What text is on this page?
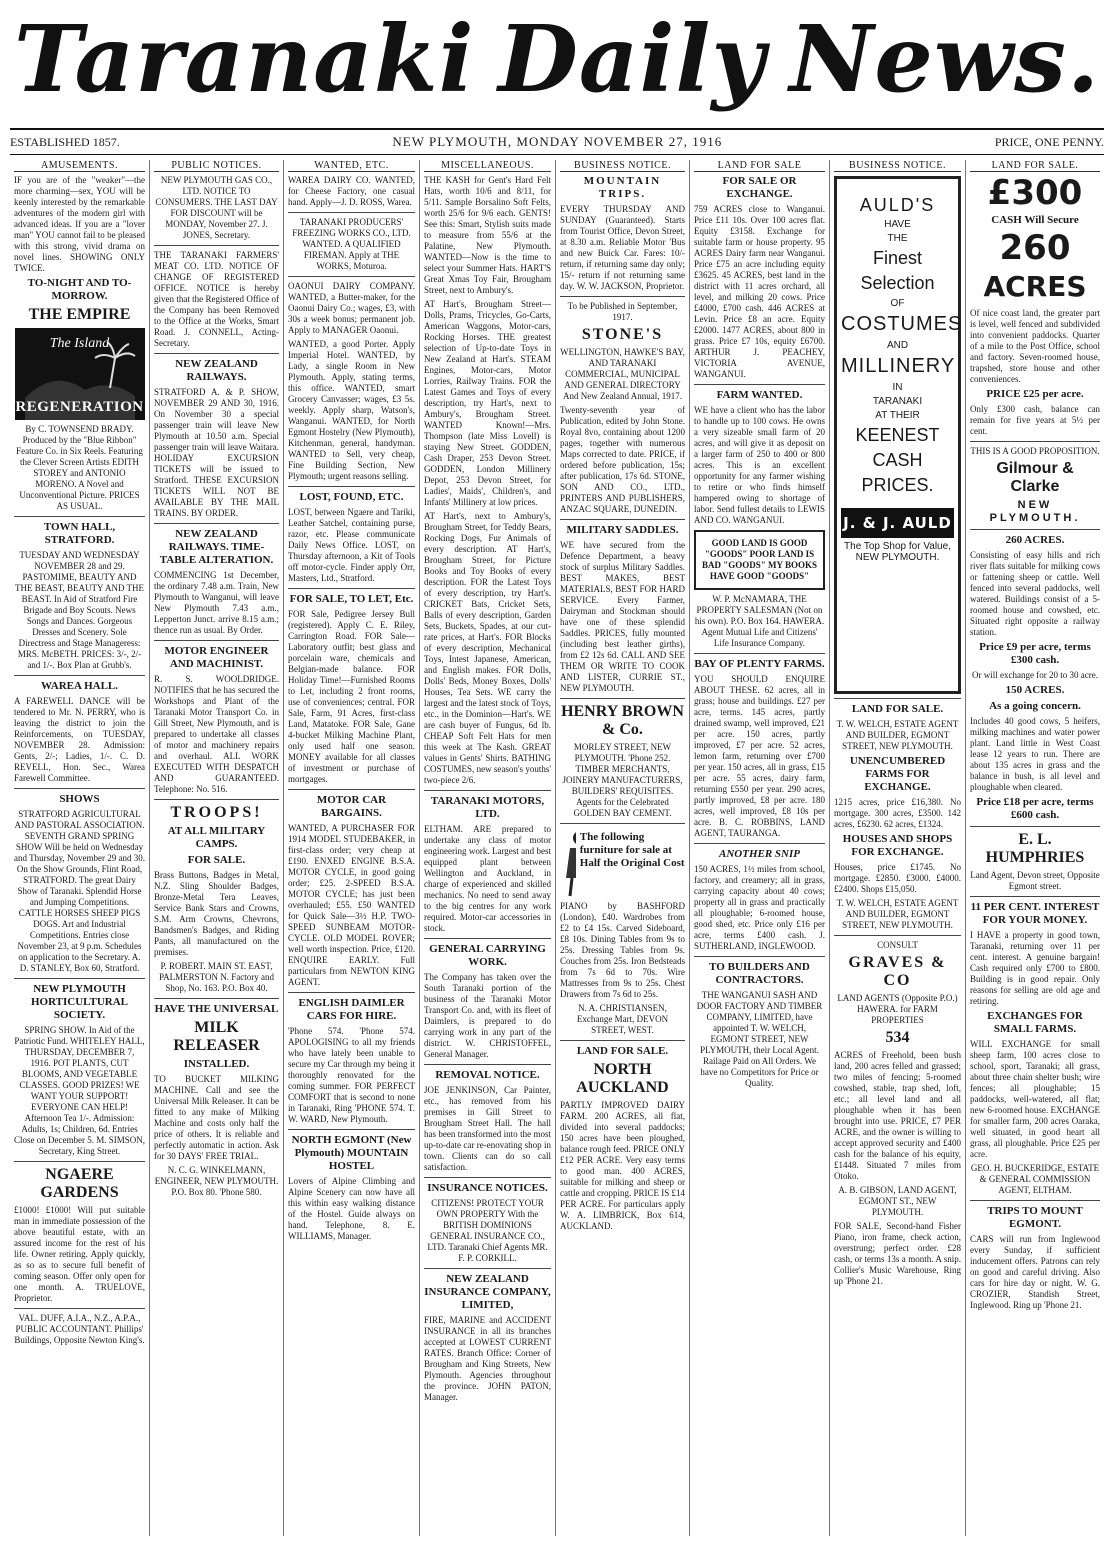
Taranaki Daily News.
ESTABLISHED 1857.	NEW PLYMOUTH, MONDAY NOVEMBER 27, 1916	PRICE, ONE PENNY.
AMUSEMENTS.
IF you are of the "weaker"—the more charming—sex, YOU will be keenly interested by the remarkable adventures of the modern girl with advanced ideas. If you are a "lover man" YOU cannot fail to be pleased with this strong, vivid drama on novel lines. SHOWING ONLY TWICE.
TO-NIGHT AND TO-MORROW.
THE EMPIRE
The Island
REGENERATION
By C. TOWNSEND BRADY. Produced by the "Blue Ribbon" Feature Co. in Six Reels. Featuring the Clever Screen Artists EDITH STOREY and ANTONIO MORENO. A Novel and Unconventional Picture. PRICES AS USUAL.
TOWN HALL, STRATFORD.
TUESDAY AND WEDNESDAY NOVEMBER 28 and 29. PASTOMIME, BEAUTY AND THE BEAST, BEAUTY AND THE BEAST. In Aid of Stratford Fire Brigade and Boy Scouts. News Songs and Dances. Gorgeous Dresses and Scenery. Sole Directress and Stage Manageress: MRS. McBETH. PRICES: 3/-, 2/- and 1/-. Box Plan at Grubb's.
WAREA HALL.
A FAREWELL DANCE will be tendered to Mr. N. PERRY, who is leaving the district to join the Reinforcements, on TUESDAY, NOVEMBER 28. Admission: Gents, 2/-; Ladies, 1/-. C. D. REVELL, Hon. Sec., Warea Farewell Committee.
SHOWS
STRATFORD AGRICULTURAL AND PASTORAL ASSOCIATION. SEVENTH GRAND SPRING SHOW Will be held on Wednesday and Thursday, November 29 and 30. On the Show Grounds, Flint Road, STRATFORD. The great Dairy Show of Taranaki. Splendid Horse and Jumping Competitions. CATTLE HORSES SHEEP PIGS DOGS. Art and Industrial Competitions. Entries close November 23, at 9 p.m. Schedules on application to the Secretary. A. D. STANLEY, Box 60, Stratford.
NEW PLYMOUTH HORTICULTURAL SOCIETY.
SPRING SHOW. In Aid of the Patriotic Fund. WHITELEY HALL, THURSDAY, DECEMBER 7, 1916. POT PLANTS, CUT BLOOMS, AND VEGETABLE CLASSES. GOOD PRIZES! WE WANT YOUR SUPPORT! EVERYONE CAN HELP! Afternoon Tea 1/-. Admission: Adults, 1s; Children, 6d. Entries Close on December 5. M. SIMSON, Secretary, King Street.
NGAERE GARDENS
£1000! £1000! Will put suitable man in immediate possession of the above beautiful estate, with an assured income for the rest of his life. Owner retiring. Apply quickly, as so as to secure full benefit of coming season. Offer only open for one month. A. TRUELOVE, Proprietor.
VAL. DUFF, A.I.A., N.Z., A.P.A., PUBLIC ACCOUNTANT. Phillips' Buildings, Opposite Newton King's.
PUBLIC NOTICES.
NEW PLYMOUTH GAS CO., LTD. NOTICE TO CONSUMERS. THE LAST DAY FOR DISCOUNT will be MONDAY, November 27. J. JONES, Secretary.
THE TARANAKI FARMERS' MEAT CO. LTD. NOTICE OF CHANGE OF REGISTERED OFFICE. NOTICE is hereby given that the Registered Office of the Company has been Removed to the Office at the Works, Smart Road. J. CONNELL, Acting-Secretary.
NEW ZEALAND RAILWAYS.
STRATFORD A. & P. SHOW, NOVEMBER 29 AND 30, 1916. On November 30 a special passenger train will leave New Plymouth at 10.50 a.m. Special passenger train will leave Waitara. HOLIDAY EXCURSION TICKETS will be issued to Stratford. THESE EXCURSION TICKETS WILL NOT BE AVAILABLE BY THE MAIL TRAINS. BY ORDER.
NEW ZEALAND RAILWAYS. TIME-TABLE ALTERATION.
COMMENCING 1st December, the ordinary 7.48 a.m. Train, New Plymouth to Wanganui, will leave New Plymouth 7.43 a.m., Lepperton Junct. arrive 8.15 a.m.; thence run as usual. By Order.
MOTOR ENGINEER AND MACHINIST.
R. S. WOOLDRIDGE. NOTIFIES that he has secured the Workshops and Plant of the Taranaki Motor Transport Co. in Gill Street, New Plymouth, and is prepared to undertake all classes of motor and machinery repairs and overhaul. ALL WORK EXECUTED WITH DESPATCH AND GUARANTEED. Telephone: No. 516.
TROOPS!
AT ALL MILITARY CAMPS.
FOR SALE.
Brass Buttons, Badges in Metal, N.Z. Sling Shoulder Badges, Bronze-Metal Tera Leaves, Service Bank Stars and Crowns, S.M. Arm Crowns, Chevrons, Bandsmen's Badges, and Riding Pants, all manufactured on the premises.
P. ROBERT. MAIN ST. EAST, PALMERSTON N. Factory and Shop, No. 163. P.O. Box 40.
HAVE THE UNIVERSAL
MILK RELEASER
INSTALLED.
TO BUCKET MILKING MACHINE. Call and see the Universal Milk Releaser. It can be fitted to any make of Milking Machine and costs only half the price of others. It is reliable and perfectly automatic in action. Ask for 30 DAYS' FREE TRIAL.
N. C. G. WINKELMANN, ENGINEER, NEW PLYMOUTH. P.O. Box 80. 'Phone 580.
WANTED, ETC.
WAREA DAIRY CO. WANTED, for Cheese Factory, one casual hand. Apply—J. D. ROSS, Warea.
TARANAKI PRODUCERS' FREEZING WORKS CO., LTD. WANTED. A QUALIFIED FIREMAN. Apply at THE WORKS, Moturoa.
OAONUI DAIRY COMPANY. WANTED, a Butter-maker, for the Oaonui Dairy Co.; wages, £3, with 30s a week bonus; permanent job. Apply to MANAGER Oaonui.
WANTED, a good Porter. Apply Imperial Hotel. WANTED, by Lady, a single Room in New Plymouth. Apply, stating terms, this office. WANTED, smart Grocery Canvasser; wages, £3 5s. weekly. Apply sharp, Watson's, Wanganui. WANTED, for North Egmont Hostelry (New Plymouth), Kitchenman, general, handyman. WANTED to Sell, very cheap, Fine Building Section, New Plymouth; urgent reasons selling.
LOST, FOUND, ETC.
LOST, between Ngaere and Tariki, Leather Satchel, containing purse, razor, etc. Please communicate Daily News Office. LOST, on Thursday afternoon, a Kit of Tools off motor-cycle. Finder apply Orr, Masters, Ltd., Stratford.
FOR SALE, TO LET, Etc.
FOR Sale, Pedigree Jersey Bull (registered). Apply C. E. Riley, Carrington Road. FOR Sale—Laboratory outfit; best glass and porcelain ware, chemicals and Belgian-made balance. FOR Holiday Time!—Furnished Rooms to Let, including 2 front rooms, use of conveniences; central. FOR Sale, Farm, 91 Acres, first-class Land, Matatoke. FOR Sale, Gane 4-bucket Milking Machine Plant, only used half one season. MONEY available for all classes of investment or purchase of mortgages.
MOTOR CAR BARGAINS.
WANTED, A PURCHASER FOR 1914 MODEL STUDEBAKER, in first-class order; very cheap at £190. ENXED ENGINE B.S.A. MOTOR CYCLE, in good going order; £25. 2-SPEED B.S.A. MOTOR CYCLE; has just been overhauled; £55. £50 WANTED for Quick Sale—3½ H.P. TWO-SPEED SUNBEAM MOTOR-CYCLE. OLD MODEL ROVER; well worth inspection. Price, £120. ENQUIRE EARLY. Full particulars from NEWTON KING AGENT.
ENGLISH DAIMLER CARS FOR HIRE.
'Phone 574. 'Phone 574. APOLOGISING to all my friends who have lately been unable to secure my Car through my being it thoroughly renovated for the coming summer. FOR PERFECT COMFORT that is second to none in Taranaki, Ring 'PHONE 574. T. W. WARD, New Plymouth.
NORTH EGMONT (New Plymouth) MOUNTAIN HOSTEL
Lovers of Alpine Climbing and Alpine Scenery can now have all this within easy walking distance of the Hostel. Guide always on hand. Telephone, 8. E. WILLIAMS, Manager.
MISCELLANEOUS.
THE KASH for Gent's Hard Felt Hats, worth 10/6 and 8/11, for 5/11. Sample Borsalino Soft Felts, worth 25/6 for 9/6 each. GENTS! See this: Smart, Stylish suits made to measure from 55/6 at the Palatine, New Plymouth. WANTED—Now is the time to select your Summer Hats. HART'S Great Xmas Toy Fair, Brougham Street, next to Ambury's.
AT Hart's, Brougham Street—Dolls, Prams, Tricycles, Go-Carts, American Waggons, Motor-cars, Rocking Horses. THE greatest selection of Up-to-date Toys in New Zealand at Hart's. STEAM Engines, Motor-cars, Motor Lorries, Railway Trains. FOR the Latest Games and Toys of every description, try Hart's, next to Ambury's, Brougham Street. WANTED Known!—Mrs. Thompson (late Miss Lovell) is staying New Street. GODDEN, Cash Draper, 253 Devon Street. GODDEN, London Millinery Depot, 253 Devon Street, for Ladies', Maids', Children's, and Infants' Millinery at low prices.
AT Hart's, next to Ambury's, Brougham Street, for Teddy Bears, Rocking Dogs, Fur Animals of every description. AT Hart's, Brougham Street, for Picture Books and Toy Books of every description. FOR the Latest Toys of every description, try Hart's. CRICKET Bats, Cricket Sets, Balls of every description, Garden Sets, Buckets, Spades, at our cut-rate prices, at Hart's. FOR Blocks of every description, Mechanical Toys, Intest Japanese, American, and English makes. FOR Dolls, Dolls' Beds, Money Boxes, Dolls' Houses, Tea Sets. WE carry the largest and the latest stock of Toys, etc., in the Dominion—Hart's. WE are cash buyer of Fungus, 6d lb. CHEAP Soft Felt Hats for men this week at The Kash. GREAT values in Gents' Shirts. BATHING COSTUMES, new season's youths' two-piece 2/6.
TARANAKI MOTORS, LTD.
ELTHAM. ARE prepared to undertake any class of motor engineering work. Largest and best equipped plant between Wellington and Auckland, in charge of experienced and skilled mechanics. No need to send away to the big centres for any work required. Motor-car accessories in stock.
GENERAL CARRYING WORK.
The Company has taken over the South Taranaki portion of the business of the Taranaki Motor Transport Co. and, with its fleet of Daimlers, is prepared to do carrying work in any part of the district. W. CHRISTOFFEL, General Manager.
REMOVAL NOTICE.
JOE JENKINSON, Car Painter, etc., has removed from his premises in Gill Street to Brougham Street Hall. The hall has been transformed into the most up-to-date car re-enovating shop in town. Clients can do so call satisfaction.
INSURANCE NOTICES.
CITIZENS! PROTECT YOUR OWN PROPERTY With the BRITISH DOMINIONS GENERAL INSURANCE CO., LTD. Taranaki Chief Agents MR. F. P. CORKILL.
NEW ZEALAND INSURANCE COMPANY, LIMITED,
FIRE, MARINE and ACCIDENT INSURANCE in all its branches accepted at LOWEST CURRENT RATES. Branch Office: Corner of Brougham and King Streets, New Plymouth. Agencies throughout the province. JOHN PATON, Manager.
BUSINESS NOTICE.
MOUNTAIN TRIPS.
EVERY THURSDAY AND SUNDAY (Guaranteed). Starts from Tourist Office, Devon Street, at 8.30 a.m. Reliable Motor 'Bus and new Buick Car. Fares: 10/- return, if returning same day only; 15/- return if not returning same day. W. W. JACKSON, Proprietor.
To be Published in September, 1917.
STONE'S
WELLINGTON, HAWKE'S BAY, AND TARANAKI COMMERCIAL, MUNICIPAL AND GENERAL DIRECTORY And New Zealand Annual, 1917.
Twenty-seventh year of Publication, edited by John Stone. Royal 8vo, containing about 1200 pages, together with numerous Maps corrected to date. PRICE, if ordered before publication, 15s; after publication, 17s 6d. STONE, SON AND CO., LTD., PRINTERS AND PUBLISHERS, ANZAC SQUARE, DUNEDIN.
MILITARY SADDLES.
WE have secured from the Defence Department, a heavy stock of surplus Military Saddles. BEST MAKES, BEST MATERIALS, BEST FOR HARD SERVICE. Every Farmer, Dairyman and Stockman should have one of these splendid Saddles. PRICES, fully mounted (including best leather girths), from £2 12s 6d. CALL AND SEE THEM OR WRITE TO COOK AND LISTER, CURRIE ST., NEW PLYMOUTH.
HENRY BROWN & Co.
MORLEY STREET, NEW PLYMOUTH. 'Phone 252. TIMBER MERCHANTS, JOINERY MANUFACTURERS, BUILDERS' REQUISITES. Agents for the Celebrated GOLDEN BAY CEMENT.
The following furniture for sale at Half the Original Cost
PIANO by BASHFORD (London), £40. Wardrobes from £2 to £4 15s. Carved Sideboard, £8 10s. Dining Tables from 9s to 25s. Dressing Tables from 9s. Couches from 25s. Iron Bedsteads from 7s 6d to 70s. Wire Mattresses from 9s to 25s. Chest Drawers from 7s 6d to 25s.
N. A. CHRISTIANSEN, Exchange Mart, DEVON STREET, WEST.
LAND FOR SALE.
NORTH AUCKLAND
PARTLY IMPROVED DAIRY FARM. 200 ACRES, all flat, divided into several paddocks; 150 acres have been ploughed, balance rough feed. PRICE ONLY £12 PER ACRE. Very easy terms to good man. 400 ACRES, suitable for milking and sheep or cattle and cropping. PRICE IS £14 PER ACRE. For particulars apply W. A. LIMBRICK, Box 614, AUCKLAND.
LAND FOR SALE
FOR SALE OR EXCHANGE.
759 ACRES close to Wanganui. Price £11 10s. Over 100 acres flat. Equity £3158. Exchange for suitable farm or house property. 95 ACRES Dairy farm near Wanganui. Price £75 an acre including equity £3625. 45 ACRES, best land in the district with 11 acres orchard, all level, and milking 20 cows. Price £4000, £700 cash. 446 ACRES at Levin. Price £8 an acre. Equity £2000. 1477 ACRES, about 800 in grass. Price £7 10s, equity £6700. ARTHUR J. PEACHEY, VICTORIA AVENUE, WANGANUI.
FARM WANTED.
WE have a client who has the labor to handle up to 100 cows. He owns a very sizeable small farm of 20 acres, and will give it as deposit on a larger farm of 250 to 400 or 800 acres. This is an excellent opportunity for any farmer wishing to retire or who finds himself hampered owing to shortage of labor. Send fullest details to LEWIS AND CO. WANGANUI.
GOOD LAND IS GOOD "GOODS" POOR LAND IS BAD "GOODS" MY BOOKS HAVE GOOD "GOODS"
W. P. McNAMARA, THE PROPERTY SALESMAN (Not on his own). P.O. Box 164. HAWERA. Agent Mutual Life and Citizens' Life Insurance Company.
BAY OF PLENTY FARMS.
YOU SHOULD ENQUIRE ABOUT THESE. 62 acres, all in grass; house and buildings. £27 per acre, terms. 145 acres, partly drained swamp, well improved, £21 per acre. 150 acres, partly improved, £7 per acre. 52 acres, lemon farm, returning over £700 per year. 150 acres, all in grass, £15 per acre. 55 acres, dairy farm, returning £550 per year. 290 acres, partly improved, £8 per acre. 180 acres, well improved, £8 10s per acre. B. C. ROBBINS, LAND AGENT, TAURANGA.
ANOTHER SNIP
150 ACRES, 1½ miles from school, factory, and creamery; all in grass, carrying capacity about 40 cows; property all in grass and practically all ploughable; 6-roomed house, good shed, etc. Price only £16 per acre, terms £400 cash. J. SUTHERLAND, INGLEWOOD.
TO BUILDERS AND CONTRACTORS.
THE WANGANUI SASH AND DOOR FACTORY AND TIMBER COMPANY, LIMITED, have appointed T. W. WELCH, EGMONT STREET, NEW PLYMOUTH, their Local Agent. Railage Paid on All Orders. We have no Competitors for Price or Quality.
BUSINESS NOTICE.
AULD'S
HAVE
THE
Finest
Selection
OF
COSTUMES
AND
MILLINERY
IN
TARANAKI
AT THEIR
KEENEST
CASH
PRICES.
J. & J. AULD
The Top Shop for Value, NEW PLYMOUTH.
LAND FOR SALE.
T. W. WELCH, ESTATE AGENT AND BUILDER, EGMONT STREET, NEW PLYMOUTH.
UNENCUMBERED FARMS FOR EXCHANGE.
1215 acres, price £16,380. No mortgage. 300 acres, £3500. 142 acres, £6230. 62 acres, £1324.
HOUSES AND SHOPS FOR EXCHANGE.
Houses, price £1745. No mortgage. £2850. £3000. £4000. £2400. Shops £15,050.
T. W. WELCH, ESTATE AGENT AND BUILDER, EGMONT STREET, NEW PLYMOUTH.
CONSULT
GRAVES & CO
LAND AGENTS (Opposite P.O.) HAWERA. for FARM PROPERTIES
534
ACRES of Freehold, been bush land, 200 acres felled and grassed; two miles of fencing; 5-roomed cowshed, stable, trap shed, loft, etc.; all level land and all ploughable when it has been brought into use. PRICE, £7 PER ACRE, and the owner is willing to accept approved security and £400 cash for the balance of his equity, £1448. Situated 7 miles from Otoko.
A. B. GIBSON, LAND AGENT, EGMONT ST., NEW PLYMOUTH.
FOR SALE, Second-hand Fisher Piano, iron frame, check action, overstrung; perfect order. £28 cash, or terms 13s a month. A snip. Collier's Music Warehouse, Ring up 'Phone 21.
LAND FOR SALE.
£300
CASH Will Secure
260
ACRES
Of nice coast land, the greater part is level, well fenced and subdivided into convenient paddocks. Quarter of a mile to the Post Office, school and factory. Seven-roomed house, trapshed, store house and other conveniences.
PRICE £25 per acre.
Only £300 cash, balance can remain for five years at 5½ per cent.
THIS IS A GOOD PROPOSITION.
Gilmour & Clarke
NEW PLYMOUTH.
260 ACRES.
Consisting of easy hills and rich river flats suitable for milking cows or fattening sheep or cattle. Well fenced into several paddocks, well watered. Buildings consist of a 5-roomed house and cowshed, etc. Situated right opposite a railway station.
Price £9 per acre, terms £300 cash.
Or will exchange for 20 to 30 acre.
150 ACRES.
As a going concern.
Includes 40 good cows, 5 heifers, milking machines and water power plant. Land little in West Coast lease 12 years to run. There are about 135 acres in grass and the balance in bush, is all level and ploughable when cleared.
Price £18 per acre, terms £600 cash.
E. L. HUMPHRIES
Land Agent, Devon street, Opposite Egmont street.
11 PER CENT. INTEREST FOR YOUR MONEY.
I HAVE a property in good town, Taranaki, returning over 11 per cent. interest. A genuine bargain! Cash required only £700 to £800. Building is in good repair. Only reasons for selling are old age and retiring.
EXCHANGES FOR SMALL FARMS.
WILL EXCHANGE for small sheep farm, 100 acres close to school, sport, Taranaki; all grass, about three chain shelter bush; wire fences; all ploughable; 15 paddocks, well-watered, all flat; new 6-roomed house. EXCHANGE for smaller farm, 200 acres Oaraka, well situated, in good heart all grass, all ploughable. Price £25 per acre.
GEO. H. BUCKERIDGE, ESTATE & GENERAL COMMISSION AGENT, ELTHAM.
TRIPS TO MOUNT EGMONT.
CARS will run from Inglewood every Sunday, if sufficient inducement offers. Patrons can rely on good and careful driving. Also cars for hire day or night. W. G. CROZIER, Standish Street, Inglewood. Ring up 'Phone 21.
